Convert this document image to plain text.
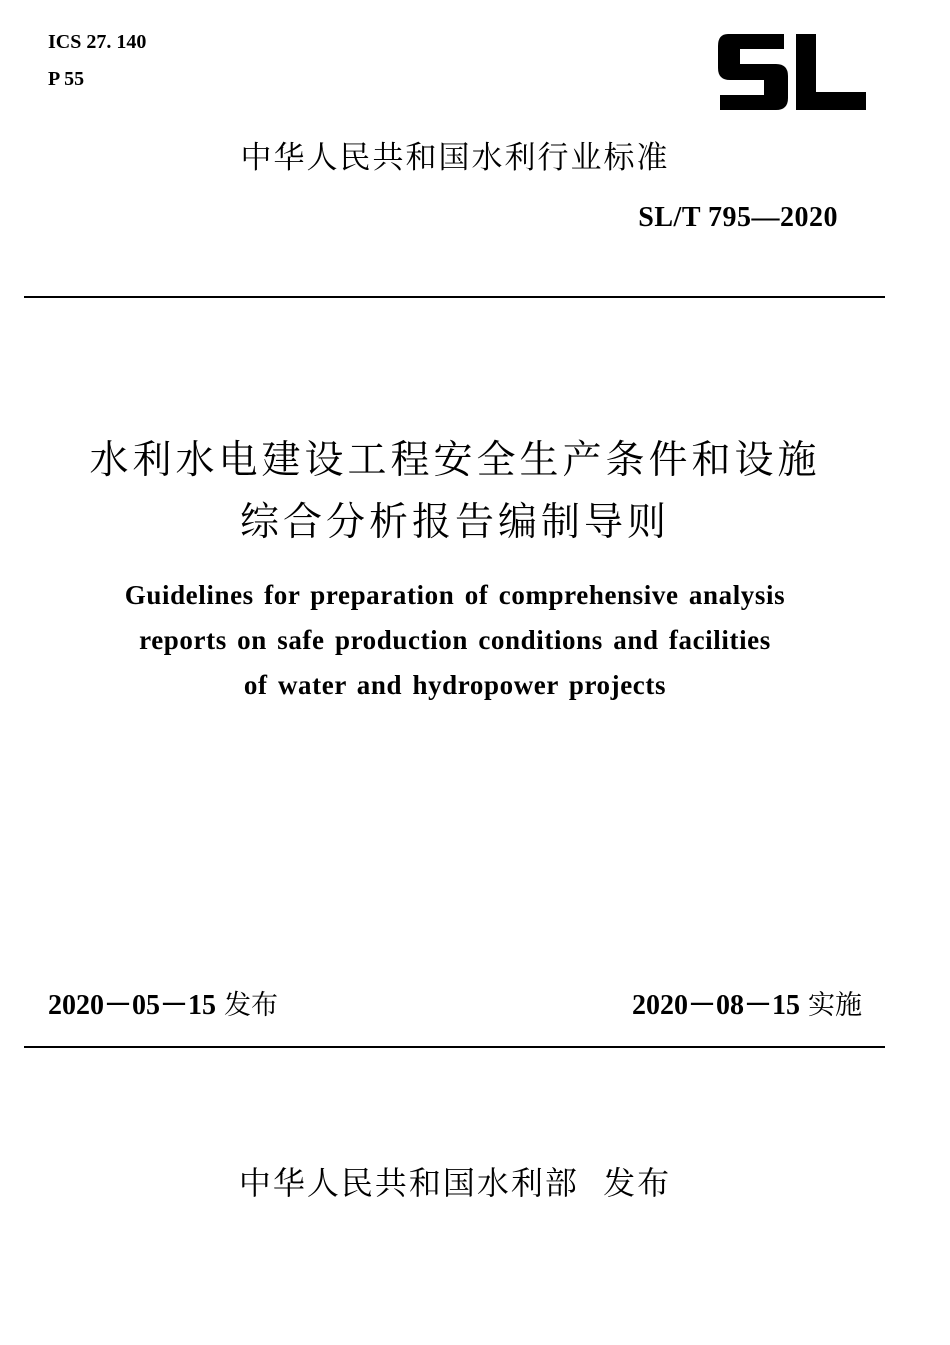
ICS 27. 140
P 55
中华人民共和国水利行业标准
SL/T 795—2020
水利水电建设工程安全生产条件和设施
综合分析报告编制导则
Guidelines for preparation of comprehensive analysis
reports on safe production conditions and facilities
of water and hydropower projects
2020－05－15 发布	2020－08－15 实施
中华人民共和国水利部  发布
